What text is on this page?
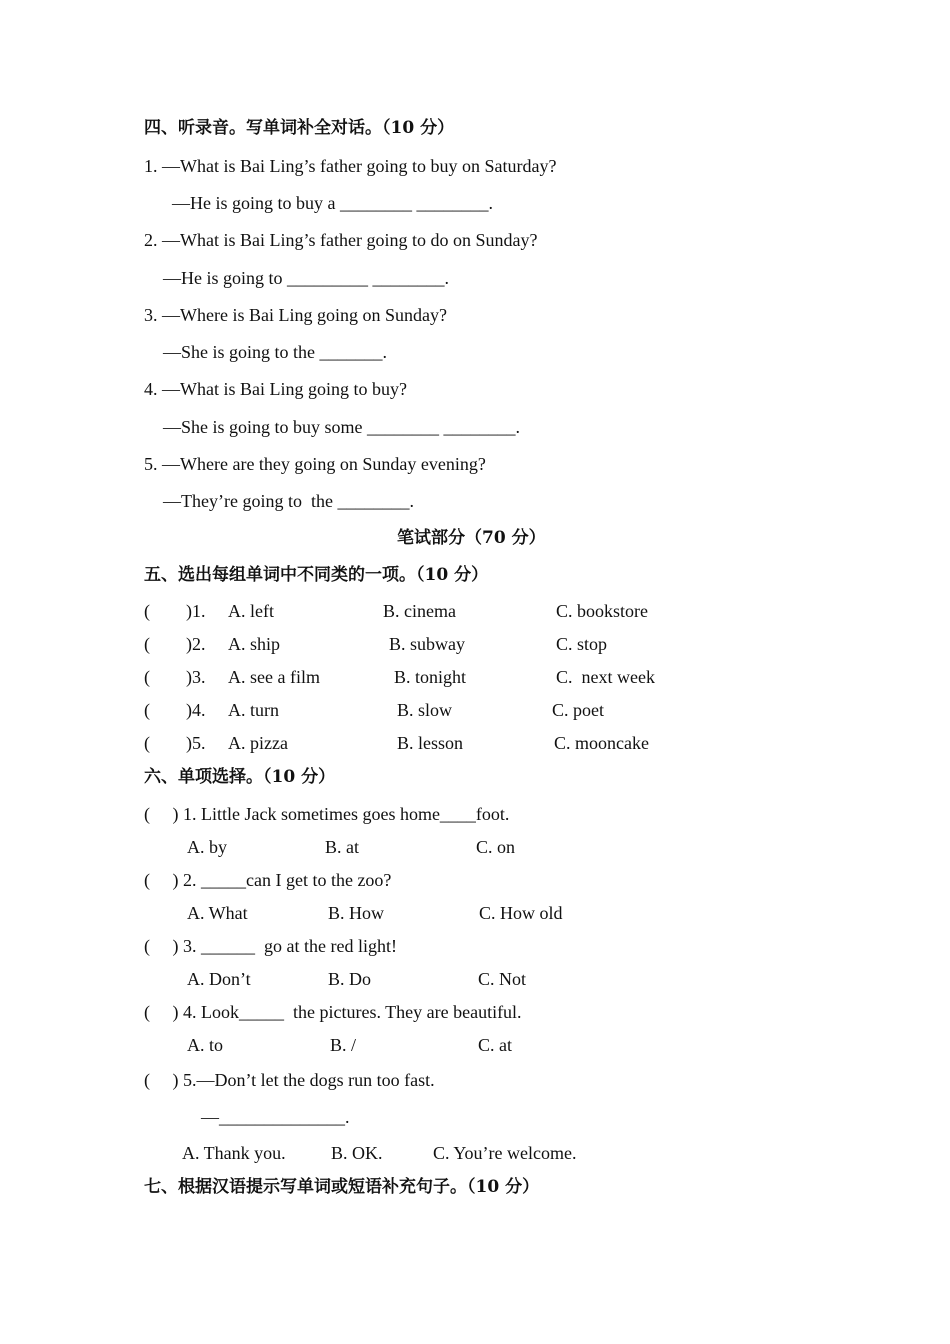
四、听录音。写单词补全对话。（10 分）
1. —What is Bai Ling’s father going to buy on Saturday?
—He is going to buy a ________ ________.
2. —What is Bai Ling’s father going to do on Sunday?
—He is going to _________ ________.
3. —Where is Bai Ling going on Sunday?
—She is going to the _______.
4. —What is Bai Ling going to buy?
—She is going to buy some ________ ________.
5. —Where are they going on Sunday evening?
—They’re going to  the ________.
笔试部分（70 分）
五、选出每组单词中不同类的一项。（10 分）
(        )1. A. left	B. cinema	C. bookstore
(        )2. A. ship	B. subway	C. stop
(        )3. A. see a film	B. tonight	C.  next week
(        )4. A. turn	B. slow	C. poet
(        )5. A. pizza	B. lesson	C. mooncake
六、单项选择。（10 分）
(     ) 1. Little Jack sometimes goes home____foot.
A. by	B. at	C. on
(     ) 2. _____can I get to the zoo?
A. What	B. How	C. How old
(     ) 3. ______  go at the red light!
A. Don’t	B. Do	C. Not
(     ) 4. Look_____  the pictures. They are beautiful.
A. to	B. /	C. at
(     ) 5.—Don’t let the dogs run too fast.
—______________.
A. Thank you.	B. OK.	C. You’re welcome.
七、根据汉语提示写单词或短语补充句子。（10 分）
